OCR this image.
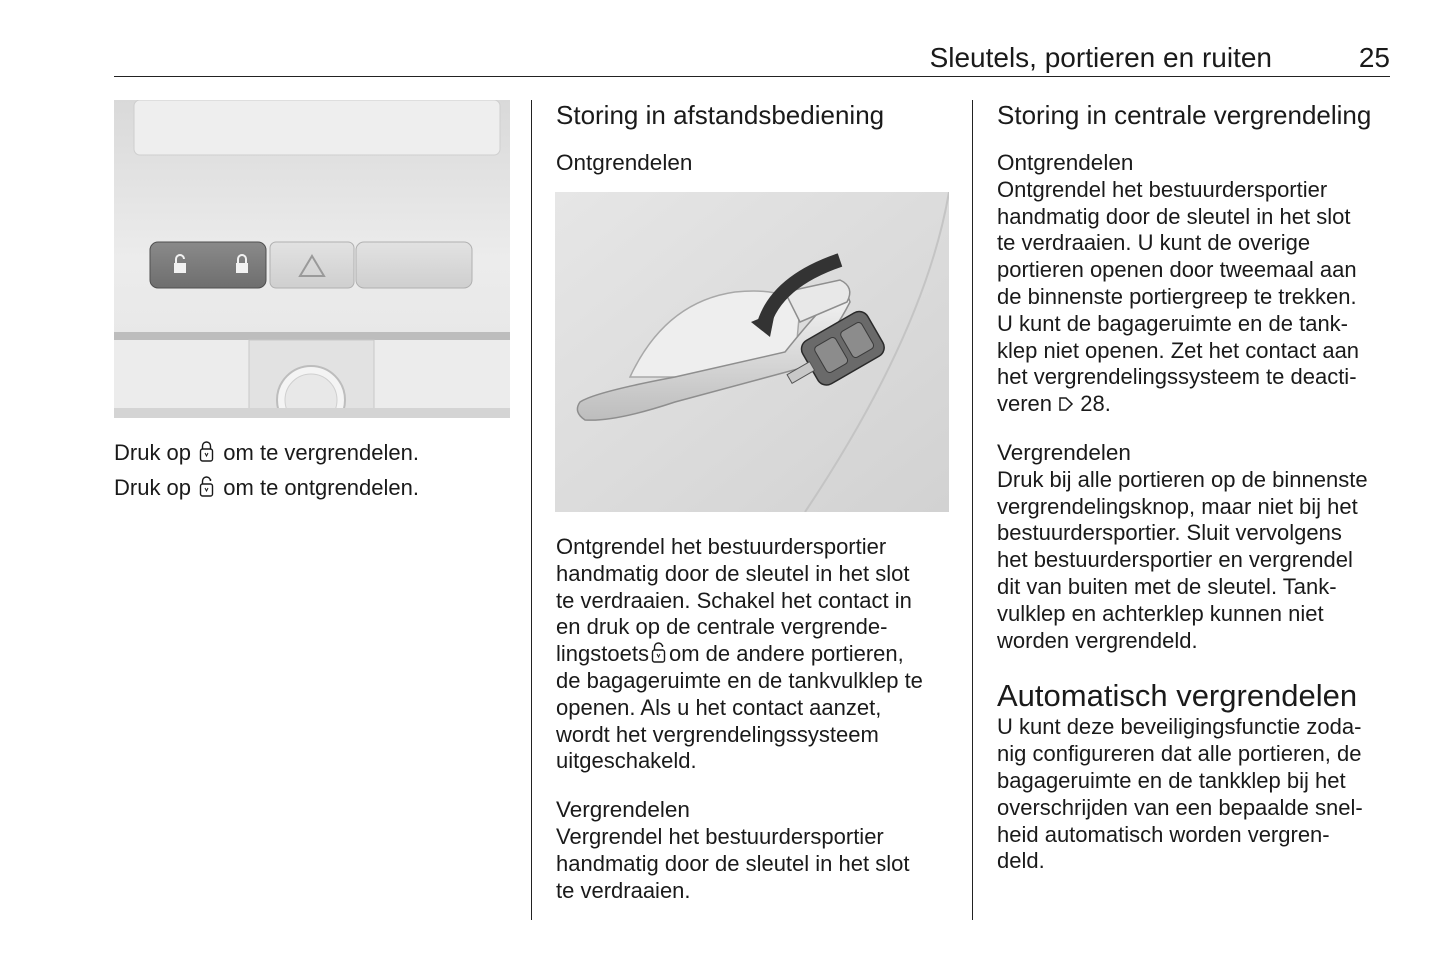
Sleutels, portieren en ruiten	25

Druk op om te vergrendelen.

Druk op om te ontgrendelen.

Storing in afstandsbediening

Ontgrendelen

Ontgrendel het bestuurdersportier
handmatig door de sleutel in het slot
te verdraaien. Schakel het contact in
en druk op de centrale vergrende-
lingstoets om de andere portieren,
de bagageruimte en de tankvulklep te
openen. Als u het contact aanzet,
wordt het vergrendelingssysteem
uitgeschakeld.

Vergrendelen

Vergrendel het bestuurdersportier
handmatig door de sleutel in het slot
te verdraaien.

Storing in centrale vergrendeling

Ontgrendelen

Ontgrendel het bestuurdersportier
handmatig door de sleutel in het slot
te verdraaien. U kunt de overige
portieren openen door tweemaal aan
de binnenste portiergreep te trekken.
U kunt de bagageruimte en de tank-
klep niet openen. Zet het contact aan
het vergrendelingssysteem te deacti-
veren 28.

Vergrendelen

Druk bij alle portieren op de binnenste
vergrendelingsknop, maar niet bij het
bestuurdersportier. Sluit vervolgens
het bestuurdersportier en vergrendel
dit van buiten met de sleutel. Tank-
vulklep en achterklep kunnen niet
worden vergrendeld.

Automatisch vergrendelen

U kunt deze beveiligingsfunctie zoda-
nig configureren dat alle portieren, de
bagageruimte en de tankklep bij het
overschrijden van een bepaalde snel-
heid automatisch worden vergren-
deld.
